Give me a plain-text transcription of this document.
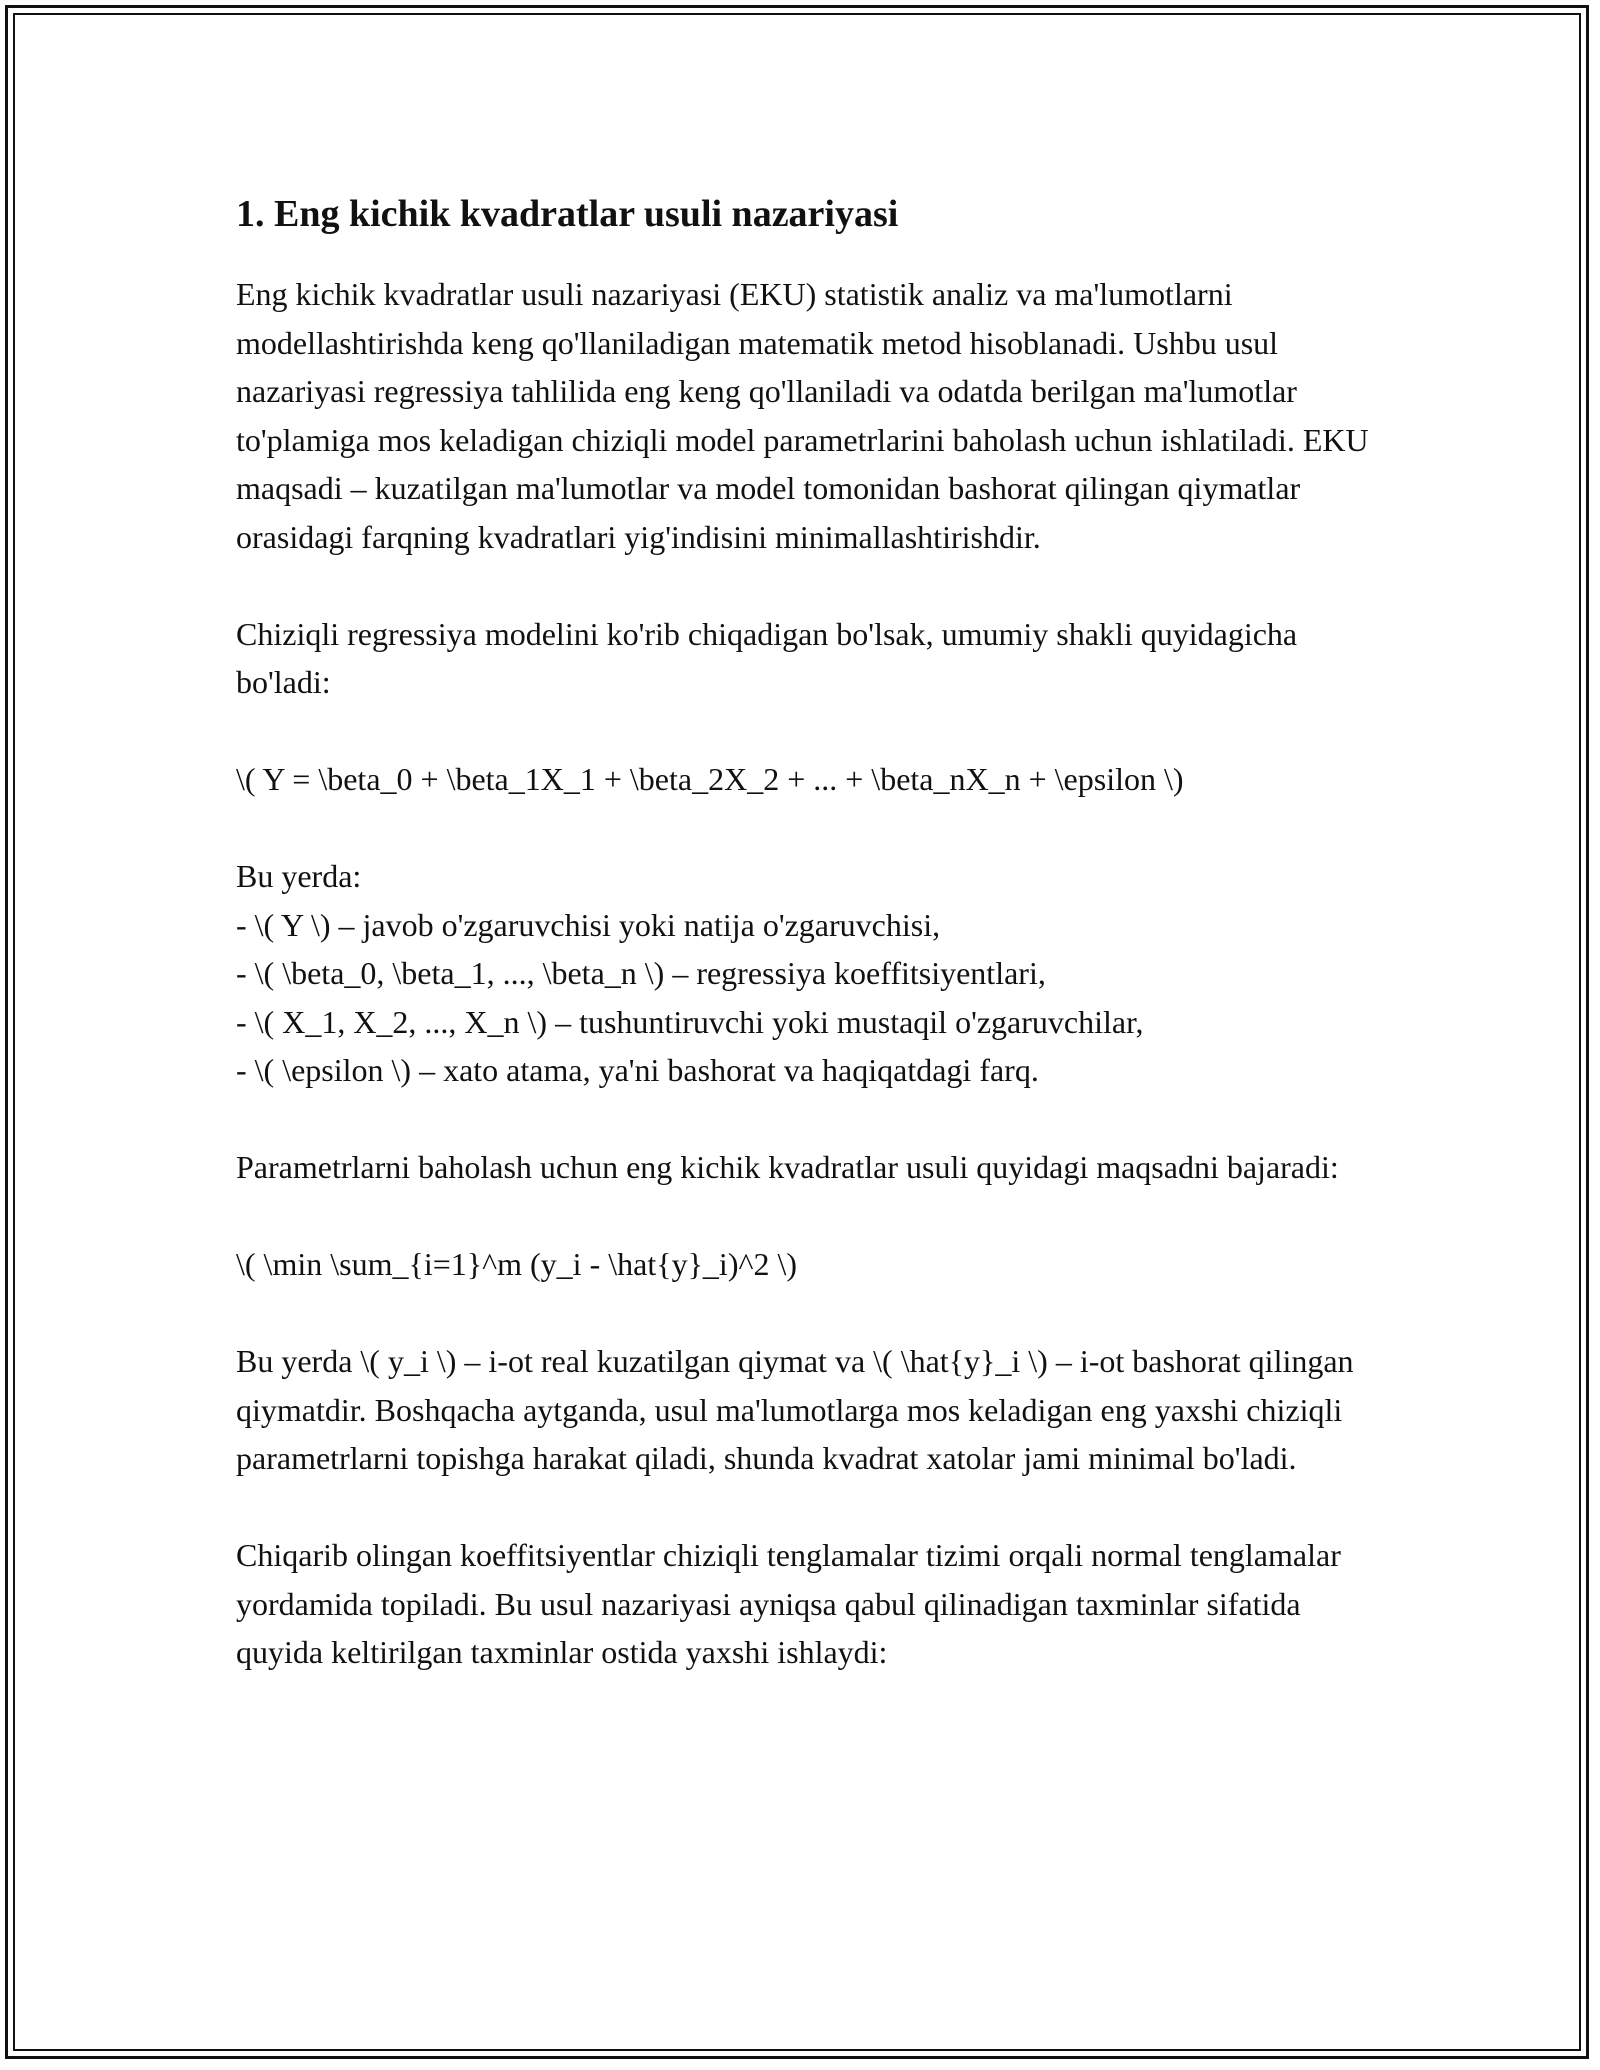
1. Eng kichik kvadratlar usuli nazariyasi

Eng kichik kvadratlar usuli nazariyasi (EKU) statistik analiz va ma'lumotlarni modellashtirishda keng qo'llaniladigan matematik metod hisoblanadi. Ushbu usul nazariyasi regressiya tahlilida eng keng qo'llaniladi va odatda berilgan ma'lumotlar to'plamiga mos keladigan chiziqli model parametrlarini baholash uchun ishlatiladi. EKU maqsadi – kuzatilgan ma'lumotlar va model tomonidan bashorat qilingan qiymatlar orasidagi farqning kvadratlari yig'indisini minimallashtirishdir.

Chiziqli regressiya modelini ko'rib chiqadigan bo'lsak, umumiy shakli quyidagicha bo'ladi:

\( Y = \beta_0 + \beta_1X_1 + \beta_2X_2 + ... + \beta_nX_n + \epsilon \)

Bu yerda:
- \( Y \) – javob o'zgaruvchisi yoki natija o'zgaruvchisi,
- \( \beta_0, \beta_1, ..., \beta_n \) – regressiya koeffitsiyentlari,
- \( X_1, X_2, ..., X_n \) – tushuntiruvchi yoki mustaqil o'zgaruvchilar,
- \( \epsilon \) – xato atama, ya'ni bashorat va haqiqatdagi farq.

Parametrlarni baholash uchun eng kichik kvadratlar usuli quyidagi maqsadni bajaradi:

\( \min \sum_{i=1}^m (y_i - \hat{y}_i)^2 \)

Bu yerda \( y_i \) – i-ot real kuzatilgan qiymat va \( \hat{y}_i \) – i-ot bashorat qilingan qiymatdir. Boshqacha aytganda, usul ma'lumotlarga mos keladigan eng yaxshi chiziqli parametrlarni topishga harakat qiladi, shunda kvadrat xatolar jami minimal bo'ladi.

Chiqarib olingan koeffitsiyentlar chiziqli tenglamalar tizimi orqali normal tenglamalar yordamida topiladi. Bu usul nazariyasi ayniqsa qabul qilinadigan taxminlar sifatida quyida keltirilgan taxminlar ostida yaxshi ishlaydi:
